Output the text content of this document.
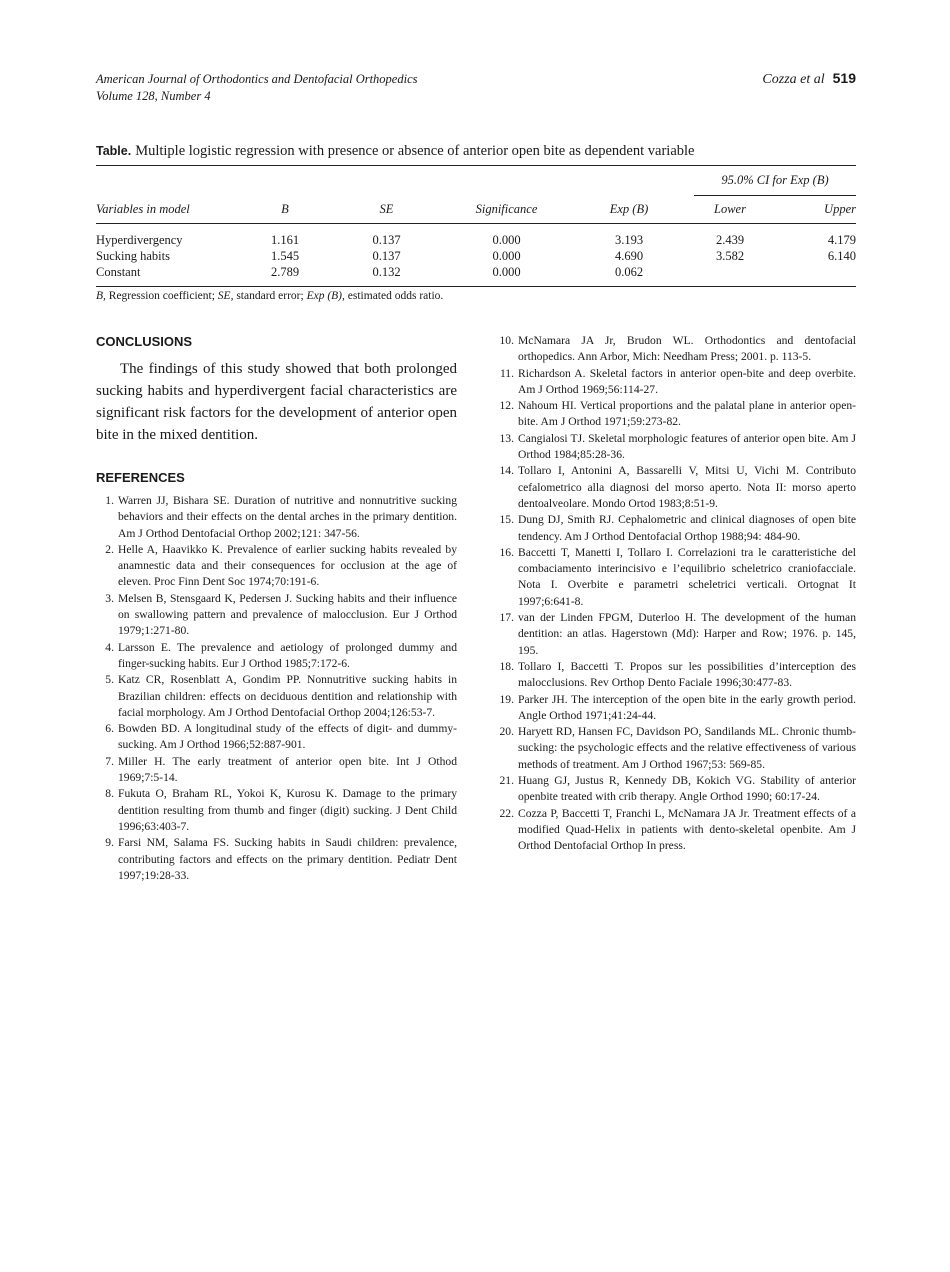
American Journal of Orthodontics and Dentofacial Orthopedics
Volume 128, Number 4
Cozza et al 519
Table. Multiple logistic regression with presence or absence of anterior open bite as dependent variable

					95.0% CI for Exp (B)	
Variables in model	B	SE	Significance	Exp (B)	Lower	Upper
Hyperdivergency	1.161	0.137	0.000	3.193	2.439	4.179
Sucking habits	1.545	0.137	0.000	4.690	3.582	6.140
Constant	2.789	0.132	0.000	0.062		
B, Regression coefficient; SE, standard error; Exp (B), estimated odds ratio.
CONCLUSIONS

The findings of this study showed that both prolonged sucking habits and hyperdivergent facial characteristics are significant risk factors for the development of anterior open bite in the mixed dentition.

REFERENCES
1. Warren JJ, Bishara SE. Duration of nutritive and nonnutritive sucking behaviors and their effects on the dental arches in the primary dentition. Am J Orthod Dentofacial Orthop 2002;121: 347-56.
2. Helle A, Haavikko K. Prevalence of earlier sucking habits revealed by anamnestic data and their consequences for occlusion at the age of eleven. Proc Finn Dent Soc 1974;70:191-6.
3. Melsen B, Stensgaard K, Pedersen J. Sucking habits and their influence on swallowing pattern and prevalence of malocclusion. Eur J Orthod 1979;1:271-80.
4. Larsson E. The prevalence and aetiology of prolonged dummy and finger-sucking habits. Eur J Orthod 1985;7:172-6.
5. Katz CR, Rosenblatt A, Gondim PP. Nonnutritive sucking habits in Brazilian children: effects on deciduous dentition and relationship with facial morphology. Am J Orthod Dentofacial Orthop 2004;126:53-7.
6. Bowden BD. A longitudinal study of the effects of digit- and dummy-sucking. Am J Orthod 1966;52:887-901.
7. Miller H. The early treatment of anterior open bite. Int J Othod 1969;7:5-14.
8. Fukuta O, Braham RL, Yokoi K, Kurosu K. Damage to the primary dentition resulting from thumb and finger (digit) sucking. J Dent Child 1996;63:403-7.
9. Farsi NM, Salama FS. Sucking habits in Saudi children: prevalence, contributing factors and effects on the primary dentition. Pediatr Dent 1997;19:28-33.
10. McNamara JA Jr, Brudon WL. Orthodontics and dentofacial orthopedics. Ann Arbor, Mich: Needham Press; 2001. p. 113-5.
11. Richardson A. Skeletal factors in anterior open-bite and deep overbite. Am J Orthod 1969;56:114-27.
12. Nahoum HI. Vertical proportions and the palatal plane in anterior open-bite. Am J Orthod 1971;59:273-82.
13. Cangialosi TJ. Skeletal morphologic features of anterior open bite. Am J Orthod 1984;85:28-36.
14. Tollaro I, Antonini A, Bassarelli V, Mitsi U, Vichi M. Contributo cefalometrico alla diagnosi del morso aperto. Nota II: morso aperto dentoalveolare. Mondo Ortod 1983;8:51-9.
15. Dung DJ, Smith RJ. Cephalometric and clinical diagnoses of open bite tendency. Am J Orthod Dentofacial Orthop 1988;94: 484-90.
16. Baccetti T, Manetti I, Tollaro I. Correlazioni tra le caratteristiche del combaciamento interincisivo e l’equilibrio scheletrico craniofacciale. Nota I. Overbite e parametri scheletrici verticali. Ortognat It 1997;6:641-8.
17. van der Linden FPGM, Duterloo H. The development of the human dentition: an atlas. Hagerstown (Md): Harper and Row; 1976. p. 145, 195.
18. Tollaro I, Baccetti T. Propos sur les possibilities d’interception des malocclusions. Rev Orthop Dento Faciale 1996;30:477-83.
19. Parker JH. The interception of the open bite in the early growth period. Angle Orthod 1971;41:24-44.
20. Haryett RD, Hansen FC, Davidson PO, Sandilands ML. Chronic thumb-sucking: the psychologic effects and the relative effectiveness of various methods of treatment. Am J Orthod 1967;53: 569-85.
21. Huang GJ, Justus R, Kennedy DB, Kokich VG. Stability of anterior openbite treated with crib therapy. Angle Orthod 1990; 60:17-24.
22. Cozza P, Baccetti T, Franchi L, McNamara JA Jr. Treatment effects of a modified Quad-Helix in patients with dento-skeletal openbite. Am J Orthod Dentofacial Orthop In press.
